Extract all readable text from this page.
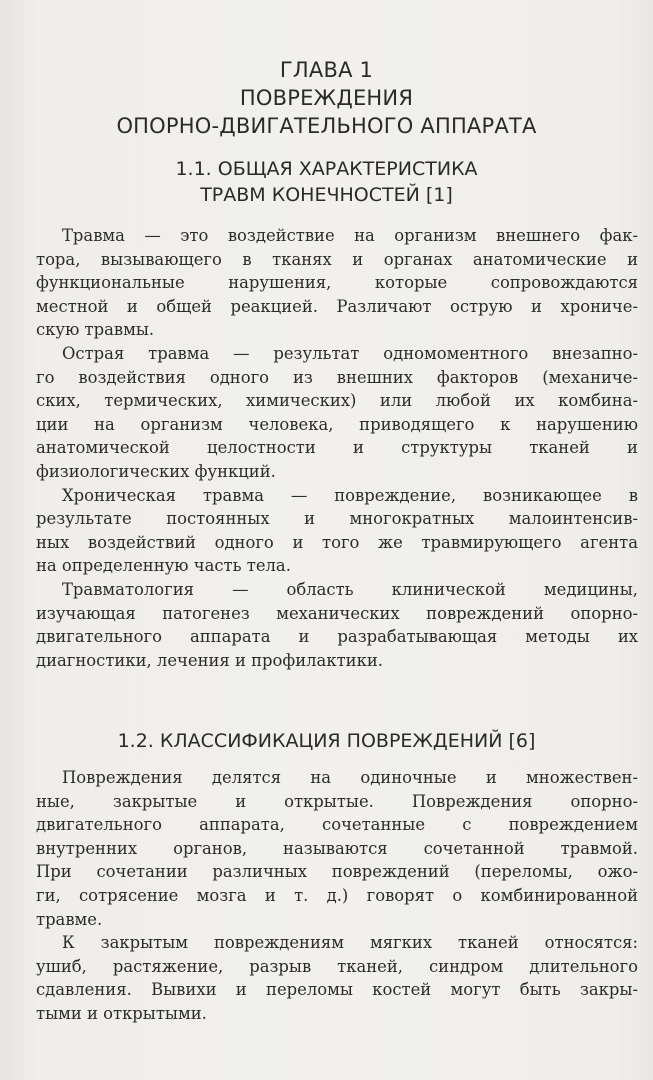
ГЛАВА 1
ПОВРЕЖДЕНИЯ
ОПОРНО-ДВИГАТЕЛЬНОГО АППАРАТА
1.1. ОБЩАЯ ХАРАКТЕРИСТИКА
ТРАВМ КОНЕЧНОСТЕЙ [1]

Травма — это воздействие на организм внешнего фак-
тора, вызывающего в тканях и органах анатомические и
функциональные нарушения, которые сопровождаются
местной и общей реакцией. Различают острую и хрониче-
скую травмы.

Острая травма — результат одномоментного внезапно-
го воздействия одного из внешних факторов (механиче-
ских, термических, химических) или любой их комбина-
ции на организм человека, приводящего к нарушению
анатомической целостности и структуры тканей и
физиологических функций.

Хроническая травма — повреждение, возникающее в
результате постоянных и многократных малоинтенсив-
ных воздействий одного и того же травмирующего агента
на определенную часть тела.

Травматология — область клинической медицины,
изучающая патогенез механических повреждений опорно-
двигательного аппарата и разрабатывающая методы их
диагностики, лечения и профилактики.

1.2. КЛАССИФИКАЦИЯ ПОВРЕЖДЕНИЙ [6]

Повреждения делятся на одиночные и множествен-
ные, закрытые и открытые. Повреждения опорно-
двигательного аппарата, сочетанные с повреждением
внутренних органов, называются сочетанной травмой.
При сочетании различных повреждений (переломы, ожо-
ги, сотрясение мозга и т. д.) говорят о комбинированной
травме.

К закрытым повреждениям мягких тканей относятся:
ушиб, растяжение, разрыв тканей, синдром длительного
сдавления. Вывихи и переломы костей могут быть закры-
тыми и открытыми.
